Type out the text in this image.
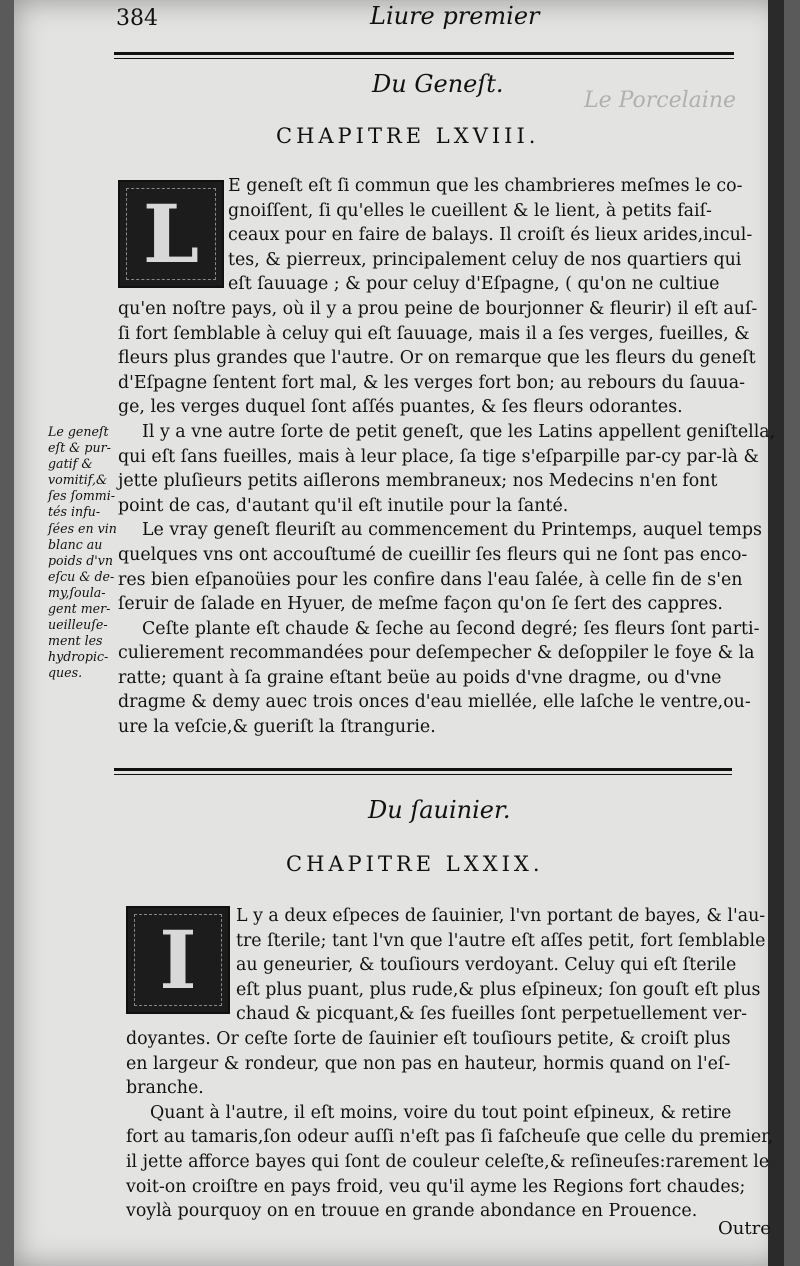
Le Porcelaine
384	Liure premier
Du Geneſt.
CHAPITRE LXVIII.
L
E geneſt eſt ſi commun que les chambrieres meſmes le co-
gnoiſſent, ſi qu'elles le cueillent & le lient, à petits faiſ-
ceaux pour en faire de balays. Il croiſt és lieux arides,incul-
tes, & pierreux, principalement celuy de nos quartiers qui
eſt ſauuage ; & pour celuy d'Eſpagne, ( qu'on ne cultiue
qu'en noſtre pays, où il y a prou peine de bourjonner & fleurir) il eſt auſ-
ſi fort ſemblable à celuy qui eſt ſauuage, mais il a ſes verges, fueilles, &
fleurs plus grandes que l'autre. Or on remarque que les fleurs du geneſt
d'Eſpagne ſentent fort mal, & les verges fort bon; au rebours du ſauua-
ge, les verges duquel ſont aſſés puantes, & ſes fleurs odorantes.
Il y a vne autre ſorte de petit geneſt, que les Latins appellent geniſtella,
qui eſt ſans fueilles, mais à leur place, ſa tige s'eſparpille par-cy par-là &
jette pluſieurs petits aiſlerons membraneux; nos Medecins n'en font
point de cas, d'autant qu'il eſt inutile pour la ſanté.
Le vray geneſt fleuriſt au commencement du Printemps, auquel temps
quelques vns ont accouſtumé de cueillir ſes fleurs qui ne ſont pas enco-
res bien eſpanoüies pour les confire dans l'eau ſalée, à celle fin de s'en
ſeruir de ſalade en Hyuer, de meſme façon qu'on ſe ſert des cappres.
Ceſte plante eſt chaude & ſeche au ſecond degré; ſes fleurs ſont parti-
culierement recommandées pour deſempecher & deſoppiler le foye & la
ratte; quant à ſa graine eſtant beüe au poids d'vne dragme, ou d'vne
dragme & demy auec trois onces d'eau miellée, elle laſche le ventre,ou-
ure la veſcie,& gueriſt la ſtrangurie.
Le geneſt
eſt & pur-
gatif &
vomitif,&
ſes ſommi-
tés infu-
ſées en vin
blanc au
poids d'vn
eſcu & de-
my,ſoula-
gent mer-
ueilleuſe-
ment les
hydropic-
ques.
Du ſauinier.
CHAPITRE LXXIX.
I	L y a deux eſpeces de ſauinier, l'vn portant de bayes, & l'au-
tre ſterile; tant l'vn que l'autre eſt aſſes petit, fort ſemblable
au geneurier, & touſiours verdoyant. Celuy qui eſt ſterile
eſt plus puant, plus rude,& plus eſpineux; ſon gouſt eſt plus
chaud & picquant,& ſes fueilles ſont perpetuellement ver-
doyantes. Or ceſte ſorte de ſauinier eſt touſiours petite, & croiſt plus
en largeur & rondeur, que non pas en hauteur, hormis quand on l'eſ-
branche.
Quant à l'autre, il eſt moins, voire du tout point eſpineux, & retire
fort au tamaris,ſon odeur auſſi n'eſt pas ſi faſcheuſe que celle du premier,
il jette afforce bayes qui ſont de couleur celeſte,& reſineuſes:rarement le
voit-on croiſtre en pays froid, veu qu'il ayme les Regions fort chaudes;
voylà pourquoy on en trouue en grande abondance en Prouence.
Outre
